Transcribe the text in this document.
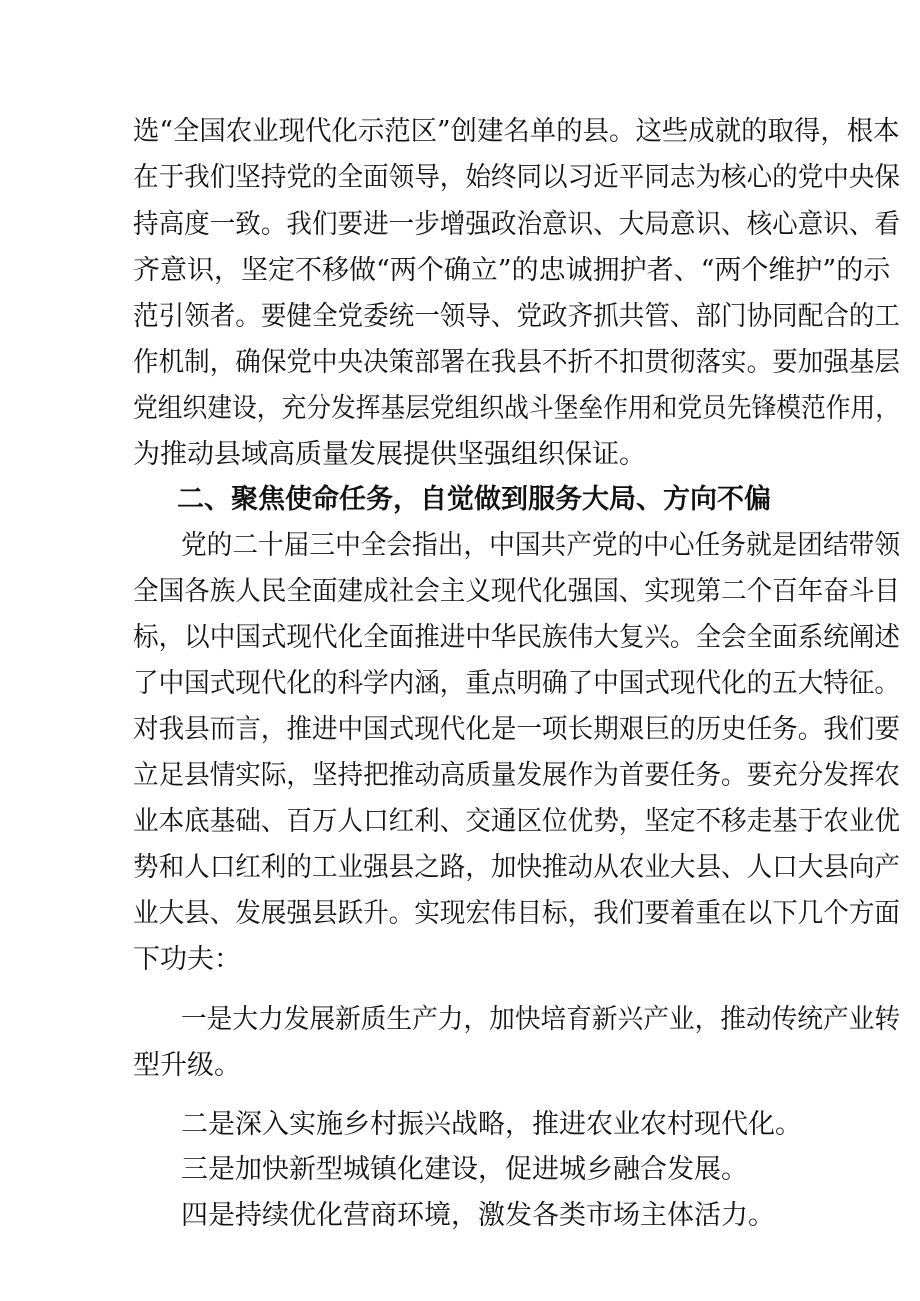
选“全国农业现代化示范区”创建名单的县。这些成就的取得，根本
在于我们坚持党的全面领导，始终同以习近平同志为核心的党中央保
持高度一致。我们要进一步增强政治意识、大局意识、核心意识、看
齐意识，坚定不移做“两个确立”的忠诚拥护者、“两个维护”的示
范引领者。要健全党委统一领导、党政齐抓共管、部门协同配合的工
作机制，确保党中央决策部署在我县不折不扣贯彻落实。要加强基层
党组织建设，充分发挥基层党组织战斗堡垒作用和党员先锋模范作用，
为推动县域高质量发展提供坚强组织保证。
二、聚焦使命任务，自觉做到服务大局、方向不偏
党的二十届三中全会指出，中国共产党的中心任务就是团结带领
全国各族人民全面建成社会主义现代化强国、实现第二个百年奋斗目
标，以中国式现代化全面推进中华民族伟大复兴。全会全面系统阐述
了中国式现代化的科学内涵，重点明确了中国式现代化的五大特征。
对我县而言，推进中国式现代化是一项长期艰巨的历史任务。我们要
立足县情实际，坚持把推动高质量发展作为首要任务。要充分发挥农
业本底基础、百万人口红利、交通区位优势，坚定不移走基于农业优
势和人口红利的工业强县之路，加快推动从农业大县、人口大县向产
业大县、发展强县跃升。实现宏伟目标，我们要着重在以下几个方面
下功夫：
一是大力发展新质生产力，加快培育新兴产业，推动传统产业转
型升级。
二是深入实施乡村振兴战略，推进农业农村现代化。
三是加快新型城镇化建设，促进城乡融合发展。
四是持续优化营商环境，激发各类市场主体活力。
